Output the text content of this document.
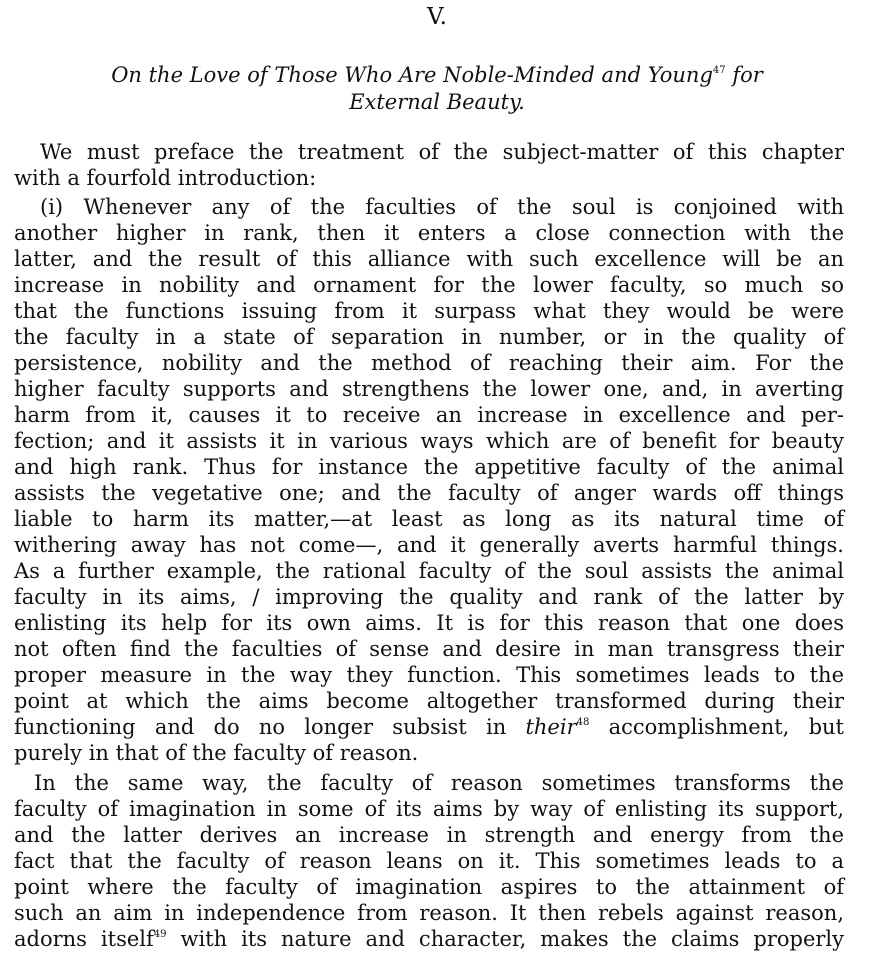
V.
On the Love of Those Who Are Noble-Minded and Young$^{47}$ for
External Beauty.
We must preface the treatment of the subject-matter of this chapter
with a fourfold introduction:
(i) Whenever any of the faculties of the soul is conjoined with
another higher in rank, then it enters a close connection with the
latter, and the result of this alliance with such excellence will be an
increase in nobility and ornament for the lower faculty, so much so
that the functions issuing from it surpass what they would be were
the faculty in a state of separation in number, or in the quality of
persistence, nobility and the method of reaching their aim. For the
higher faculty supports and strengthens the lower one, and, in averting
harm from it, causes it to receive an increase in excellence and per-
fection; and it assists it in various ways which are of benefit for beauty
and high rank. Thus for instance the appetitive faculty of the animal
assists the vegetative one; and the faculty of anger wards off things
liable to harm its matter,—at least as long as its natural time of
withering away has not come—, and it generally averts harmful things.
As a further example, the rational faculty of the soul assists the animal
faculty in its aims, / improving the quality and rank of the latter by
enlisting its help for its own aims. It is for this reason that one does
not often find the faculties of sense and desire in man transgress their
proper measure in the way they function. This sometimes leads to the
point at which the aims become altogether transformed during their
functioning and do no longer subsist in their$^{48}$ accomplishment, but
purely in that of the faculty of reason.
In the same way, the faculty of reason sometimes transforms the
faculty of imagination in some of its aims by way of enlisting its support,
and the latter derives an increase in strength and energy from the
fact that the faculty of reason leans on it. This sometimes leads to a
point where the faculty of imagination aspires to the attainment of
such an aim in independence from reason. It then rebels against reason,
adorns itself$^{49}$ with its nature and character, makes the claims properly
